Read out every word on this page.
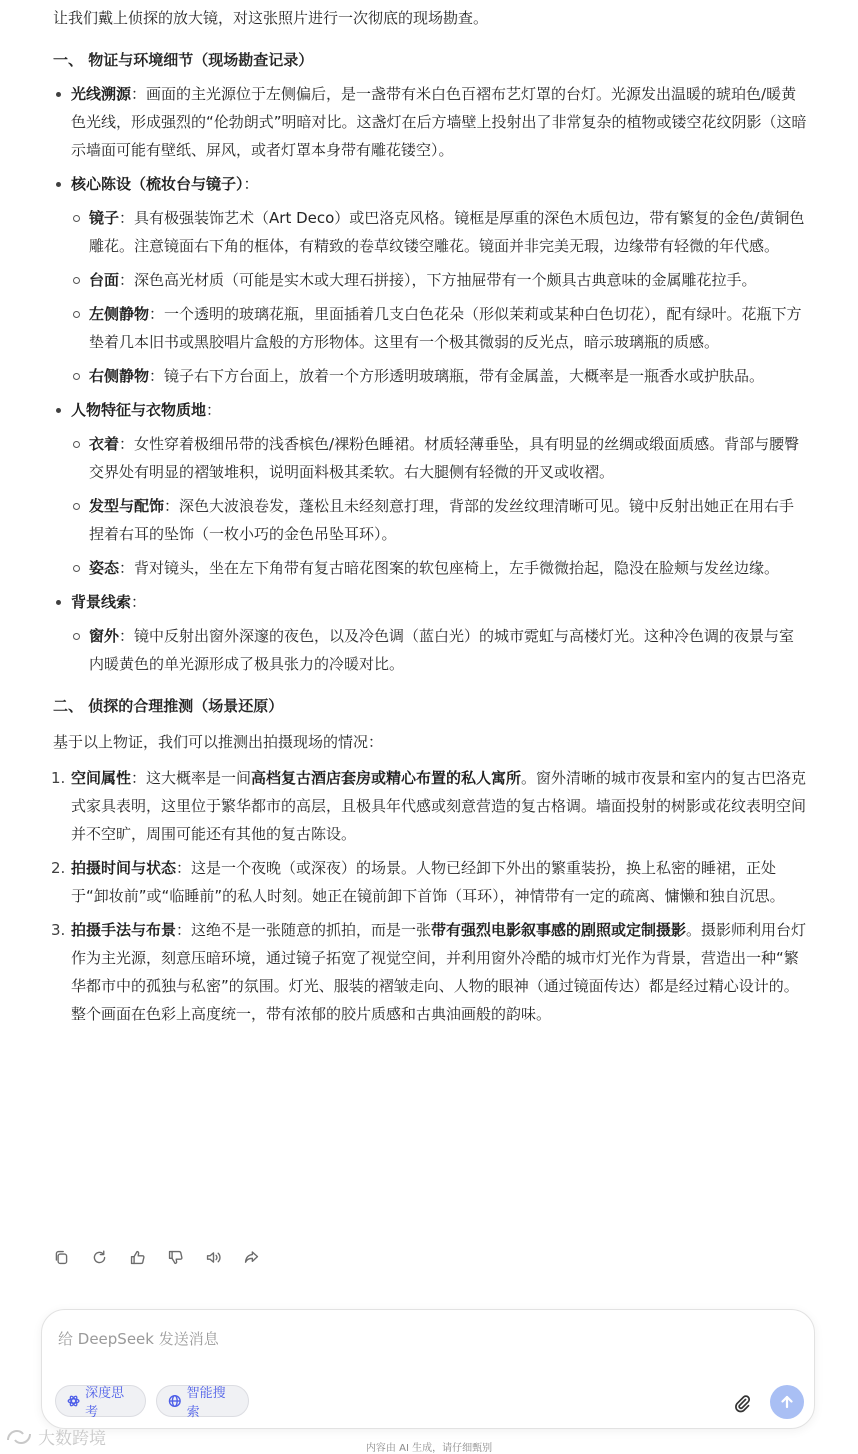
让我们戴上侦探的放大镜，对这张照片进行一次彻底的现场勘查。

一、 物证与环境细节（现场勘查记录）
光线溯源：画面的主光源位于左侧偏后，是一盏带有米白色百褶布艺灯罩的台灯。光源发出温暖的琥珀色/暖黄色光线，形成强烈的“伦勃朗式”明暗对比。这盏灯在后方墙壁上投射出了非常复杂的植物或镂空花纹阴影（这暗示墙面可能有壁纸、屏风，或者灯罩本身带有雕花镂空）。
核心陈设（梳妆台与镜子）：
镜子：具有极强装饰艺术（Art Deco）或巴洛克风格。镜框是厚重的深色木质包边，带有繁复的金色/黄铜色雕花。注意镜面右下角的框体，有精致的卷草纹镂空雕花。镜面并非完美无瑕，边缘带有轻微的年代感。
台面：深色高光材质（可能是实木或大理石拼接），下方抽屉带有一个颇具古典意味的金属雕花拉手。
左侧静物：一个透明的玻璃花瓶，里面插着几支白色花朵（形似茉莉或某种白色切花），配有绿叶。花瓶下方垫着几本旧书或黑胶唱片盒般的方形物体。这里有一个极其微弱的反光点，暗示玻璃瓶的质感。
右侧静物：镜子右下方台面上，放着一个方形透明玻璃瓶，带有金属盖，大概率是一瓶香水或护肤品。
人物特征与衣物质地：
衣着：女性穿着极细吊带的浅香槟色/裸粉色睡裙。材质轻薄垂坠，具有明显的丝绸或缎面质感。背部与腰臀交界处有明显的褶皱堆积，说明面料极其柔软。右大腿侧有轻微的开叉或收褶。
发型与配饰：深色大波浪卷发，蓬松且未经刻意打理，背部的发丝纹理清晰可见。镜中反射出她正在用右手捏着右耳的坠饰（一枚小巧的金色吊坠耳环）。
姿态：背对镜头，坐在左下角带有复古暗花图案的软包座椅上，左手微微抬起，隐没在脸颊与发丝边缘。
背景线索：
窗外：镜中反射出窗外深邃的夜色，以及冷色调（蓝白光）的城市霓虹与高楼灯光。这种冷色调的夜景与室内暖黄色的单光源形成了极具张力的冷暖对比。
二、 侦探的合理推测（场景还原）

基于以上物证，我们可以推测出拍摄现场的情况：

1. 空间属性：这大概率是一间高档复古酒店套房或精心布置的私人寓所。窗外清晰的城市夜景和室内的复古巴洛克式家具表明，这里位于繁华都市的高层，且极具年代感或刻意营造的复古格调。墙面投射的树影或花纹表明空间并不空旷，周围可能还有其他的复古陈设。
2. 拍摄时间与状态：这是一个夜晚（或深夜）的场景。人物已经卸下外出的繁重装扮，换上私密的睡裙，正处于“卸妆前”或“临睡前”的私人时刻。她正在镜前卸下首饰（耳环），神情带有一定的疏离、慵懒和独自沉思。
3. 拍摄手法与布景：这绝不是一张随意的抓拍，而是一张带有强烈电影叙事感的剧照或定制摄影。摄影师利用台灯作为主光源，刻意压暗环境，通过镜子拓宽了视觉空间，并利用窗外冷酷的城市灯光作为背景，营造出一种“繁华都市中的孤独与私密”的氛围。灯光、服装的褶皱走向、人物的眼神（通过镜面传达）都是经过精心设计的。整个画面在色彩上高度统一，带有浓郁的胶片质感和古典油画般的韵味。
给 DeepSeek 发送消息
深度思考
智能搜索
大数跨境	内容由 AI 生成，请仔细甄别
